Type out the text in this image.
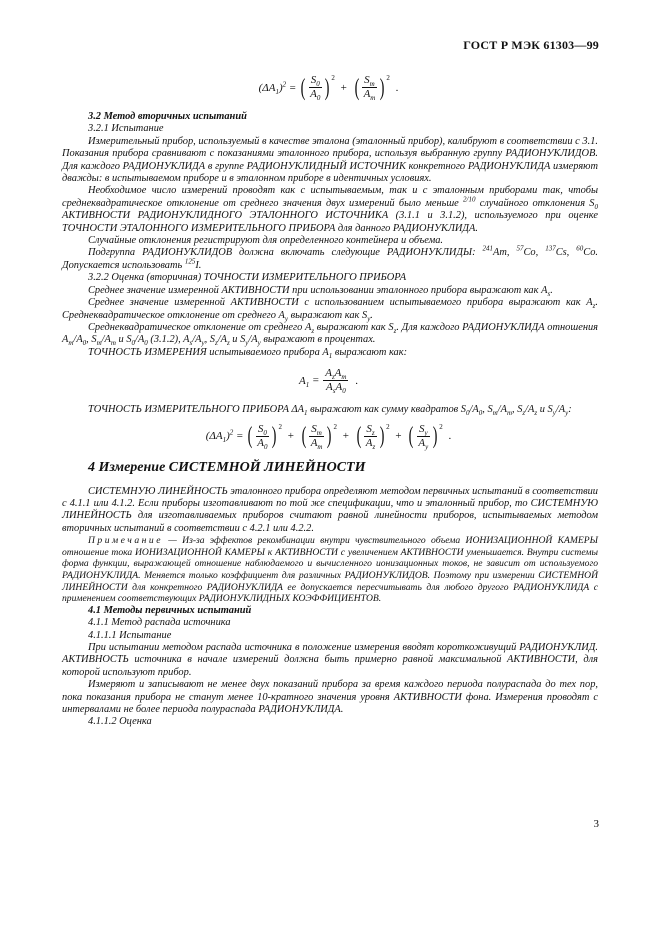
ГОСТ Р МЭК 61303—99
$(\Delta A_1)^2$ = ( $\frac{S_0}{A_0}$ ) $^2$ + ( $\frac{S_m}{A_m}$ ) $^2$ .

3.2 Метод вторичных испытаний

3.2.1 Испытание

Измерительный прибор, используемый в качестве эталона (эталонный прибор), калибруют в соответствии с 3.1. Показания прибора сравнивают с показаниями эталонного прибора, используя выбранную группу РАДИОНУКЛИДОВ. Для каждого РАДИОНУКЛИДА в группе РАДИОНУКЛИДНЫЙ ИСТОЧНИК конкретного РАДИОНУКЛИДА измеряют дважды: в испытываемом приборе и в эталонном приборе в идентичных условиях.

Необходимое число измерений проводят как с испытываемым, так и с эталонным приборами так, чтобы среднеквадратическое отклонение от среднего значения двух измерений было меньше $^{2/10}$ случайного отклонения $S_0$ АКТИВНОСТИ РАДИОНУКЛИДНОГО ЭТАЛОННОГО ИСТОЧНИКА (3.1.1 и 3.1.2), используемого при оценке ТОЧНОСТИ ЭТАЛОННОГО ИЗМЕРИТЕЛЬНОГО ПРИБОРА для данного РАДИОНУКЛИДА.

Случайные отклонения регистрируют для определенного контейнера и объема.

Подгруппа РАДИОНУКЛИДОВ должна включать следующие РАДИОНУКЛИДЫ: $^{241}$Am, $^{57}$Co, $^{137}$Cs, $^{60}$Co. Допускается использовать $^{125}$I.

3.2.2 Оценка (вторичная) ТОЧНОСТИ ИЗМЕРИТЕЛЬНОГО ПРИБОРА

Среднее значение измеренной АКТИВНОСТИ при использовании эталонного прибора выражают как $A_s$.

Среднее значение измеренной АКТИВНОСТИ с использованием испытываемого прибора выражают как $A_z$. Среднеквадратическое отклонение от среднего $A_y$ выражают как $S_y$.

Среднеквадратическое отклонение от среднего $A_z$ выражают как $S_z$. Для каждого РАДИОНУКЛИДА отношения $A_m/A_0$, $S_m/A_m$ и $S_0/A_0$ (3.1.2), $A_s/A_y$, $S_z/A_z$ и $S_y/A_y$ выражают в процентах.

ТОЧНОСТЬ ИЗМЕРЕНИЯ испытываемого прибора $A_1$ выражают как:

$A_1 = \frac{A_zA_m}{A_sA_0}$ .

ТОЧНОСТЬ ИЗМЕРИТЕЛЬНОГО ПРИБОРА $\Delta A_1$ выражают как сумму квадратов $S_0/A_0$, $S_m/A_m$, $S_z/A_z$ и $S_y/A_y$:

$(\Delta A_1)^2$ = ( $\frac{S_0}{A_0}$ ) $^2$ + ( $\frac{S_m}{A_m}$ ) $^2$ + ( $\frac{S_z}{A_z}$ ) $^2$ + ( $\frac{S_y}{A_y}$ ) $^2$ .
4 Измерение СИСТЕМНОЙ ЛИНЕЙНОСТИ

СИСТЕМНУЮ ЛИНЕЙНОСТЬ эталонного прибора определяют методом первичных испытаний в соответствии с 4.1.1 или 4.1.2. Если приборы изготавливают по той же спецификации, что и эталонный прибор, то СИСТЕМНУЮ ЛИНЕЙНОСТЬ для изготавливаемых приборов считают равной линейности приборов, испытываемых методом вторичных испытаний в соответствии с 4.2.1 или 4.2.2.

Примечание — Из-за эффектов рекомбинации внутри чувствительного объема ИОНИЗАЦИОННОЙ КАМЕРЫ отношение тока ИОНИЗАЦИОННОЙ КАМЕРЫ к АКТИВНОСТИ с увеличением АКТИВНОСТИ уменьшается. Внутри системы форма функции, выражающей отношение наблюдаемого и вычисленного ионизационных токов, не зависит от используемого РАДИОНУКЛИДА. Меняется только коэффициент для различных РАДИОНУКЛИДОВ. Поэтому при измерении СИСТЕМНОЙ ЛИНЕЙНОСТИ для конкретного РАДИОНУКЛИДА ее допускается пересчитывать для любого другого РАДИОНУКЛИДА с применением соответствующих РАДИОНУКЛИДНЫХ КОЭФФИЦИЕНТОВ.

4.1 Методы первичных испытаний

4.1.1 Метод распада источника

4.1.1.1 Испытание

При испытании методом распада источника в положение измерения вводят короткоживущий РАДИОНУКЛИД. АКТИВНОСТЬ источника в начале измерений должна быть примерно равной максимальной АКТИВНОСТИ, для которой используют прибор.

Измеряют и записывают не менее двух показаний прибора за время каждого периода полураспада до тех пор, пока показания прибора не станут менее 10-кратного значения уровня АКТИВНОСТИ фона. Измерения проводят с интервалами не более периода полураспада РАДИОНУКЛИДА.

4.1.1.2 Оценка

3
